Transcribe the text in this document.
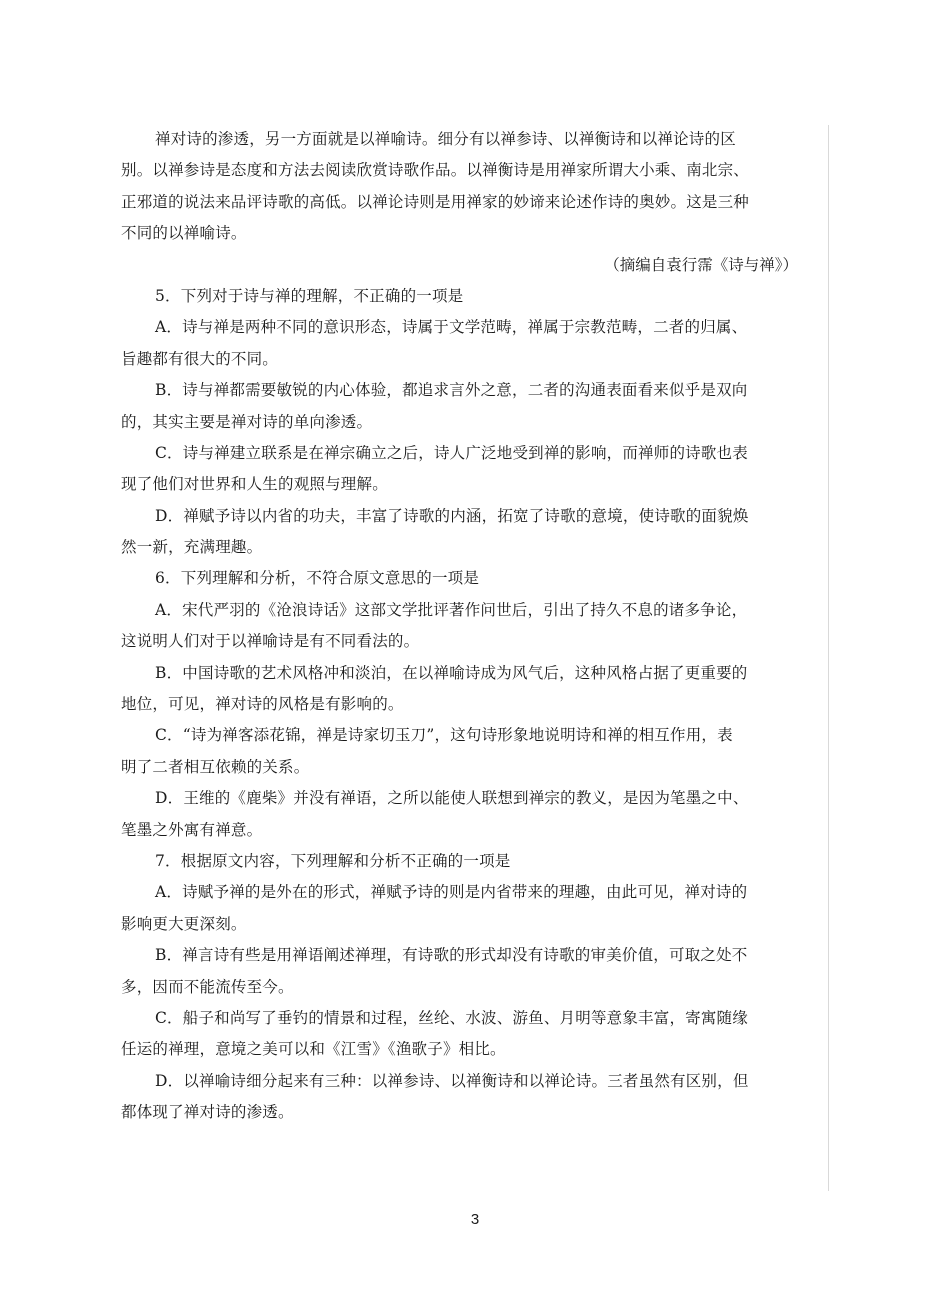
禅对诗的渗透，另一方面就是以禅喻诗。细分有以禅参诗、以禅衡诗和以禅论诗的区
别。以禅参诗是态度和方法去阅读欣赏诗歌作品。以禅衡诗是用禅家所谓大小乘、南北宗、
正邪道的说法来品评诗歌的高低。以禅论诗则是用禅家的妙谛来论述作诗的奥妙。这是三种
不同的以禅喻诗。
5．下列对于诗与禅的理解，不正确的一项是
A．诗与禅是两种不同的意识形态，诗属于文学范畴，禅属于宗教范畴，二者的归属、
旨趣都有很大的不同。
B．诗与禅都需要敏锐的内心体验，都追求言外之意，二者的沟通表面看来似乎是双向
的，其实主要是禅对诗的单向渗透。
C．诗与禅建立联系是在禅宗确立之后，诗人广泛地受到禅的影响，而禅师的诗歌也表
现了他们对世界和人生的观照与理解。
D．禅赋予诗以内省的功夫，丰富了诗歌的内涵，拓宽了诗歌的意境，使诗歌的面貌焕
然一新，充满理趣。
6．下列理解和分析，不符合原文意思的一项是
A．宋代严羽的《沧浪诗话》这部文学批评著作问世后，引出了持久不息的诸多争论，
这说明人们对于以禅喻诗是有不同看法的。
B．中国诗歌的艺术风格冲和淡泊，在以禅喻诗成为风气后，这种风格占据了更重要的
地位，可见，禅对诗的风格是有影响的。
C．“诗为禅客添花锦，禅是诗家切玉刀”，这句诗形象地说明诗和禅的相互作用，表
明了二者相互依赖的关系。
D．王维的《鹿柴》并没有禅语，之所以能使人联想到禅宗的教义，是因为笔墨之中、
笔墨之外寓有禅意。
7．根据原文内容，下列理解和分析不正确的一项是
A．诗赋予禅的是外在的形式，禅赋予诗的则是内省带来的理趣，由此可见，禅对诗的
影响更大更深刻。
B．禅言诗有些是用禅语阐述禅理，有诗歌的形式却没有诗歌的审美价值，可取之处不
多，因而不能流传至今。
C．船子和尚写了垂钓的情景和过程，丝纶、水波、游鱼、月明等意象丰富，寄寓随缘
任运的禅理，意境之美可以和《江雪》《渔歌子》相比。
D．以禅喻诗细分起来有三种：以禅参诗、以禅衡诗和以禅论诗。三者虽然有区别，但
都体现了禅对诗的渗透。
（摘编自袁行霈《诗与禅》）
3
